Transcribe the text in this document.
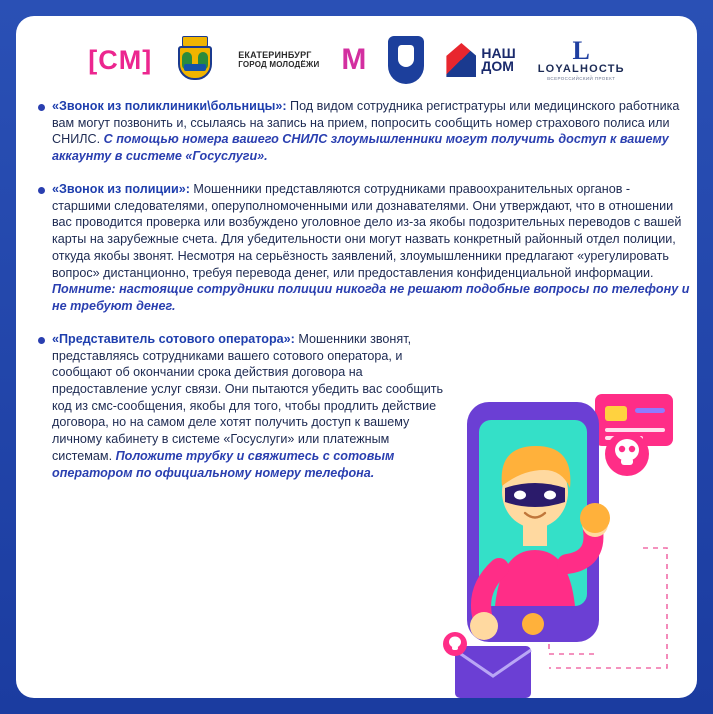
[CM]	ЕКАТЕРИНБУРГ
ГОРОД МОЛОДЁЖИ M	НАШ
ДОМ
L
LOYALНОСТЬ
ВСЕРОССИЙСКИЙ ПРОЕКТ

«Звонок из поликлиники\больницы»: Под видом сотрудника регистратуры или медицинского работника вам могут позвонить и, ссылаясь на запись на прием, попросить сообщить номер страхового полиса или СНИЛС. С помощью номера вашего СНИЛС злоумышленники могут получить доступ к вашему аккаунту в системе «Госуслуги».

«Звонок из полиции»: Мошенники представляются сотрудниками правоохранительных органов - старшими следователями, оперуполномоченными или дознавателями. Они утверждают, что в отношении вас проводится проверка или возбуждено уголовное дело из-за якобы подозрительных переводов с вашей карты на зарубежные счета. Для убедительности они могут назвать конкретный районный отдел полиции, откуда якобы звонят. Несмотря на серьёзность заявлений, злоумышленники предлагают «урегулировать вопрос» дистанционно, требуя перевода денег, или предоставления конфиденциальной информации. Помните: настоящие сотрудники полиции никогда не решают подобные вопросы по телефону и не требуют денег.

«Представитель сотового оператора»: Мошенники звонят, представляясь сотрудниками вашего сотового оператора, и сообщают об окончании срока действия договора на предоставление услуг связи. Они пытаются убедить вас сообщить код из смс-сообщения, якобы для того, чтобы продлить действие договора, но на самом деле хотят получить доступ к вашему личному кабинету в системе «Госуслуги» или платежным системам. Положите трубку и свяжитесь с сотовым оператором по официальному номеру телефона.
